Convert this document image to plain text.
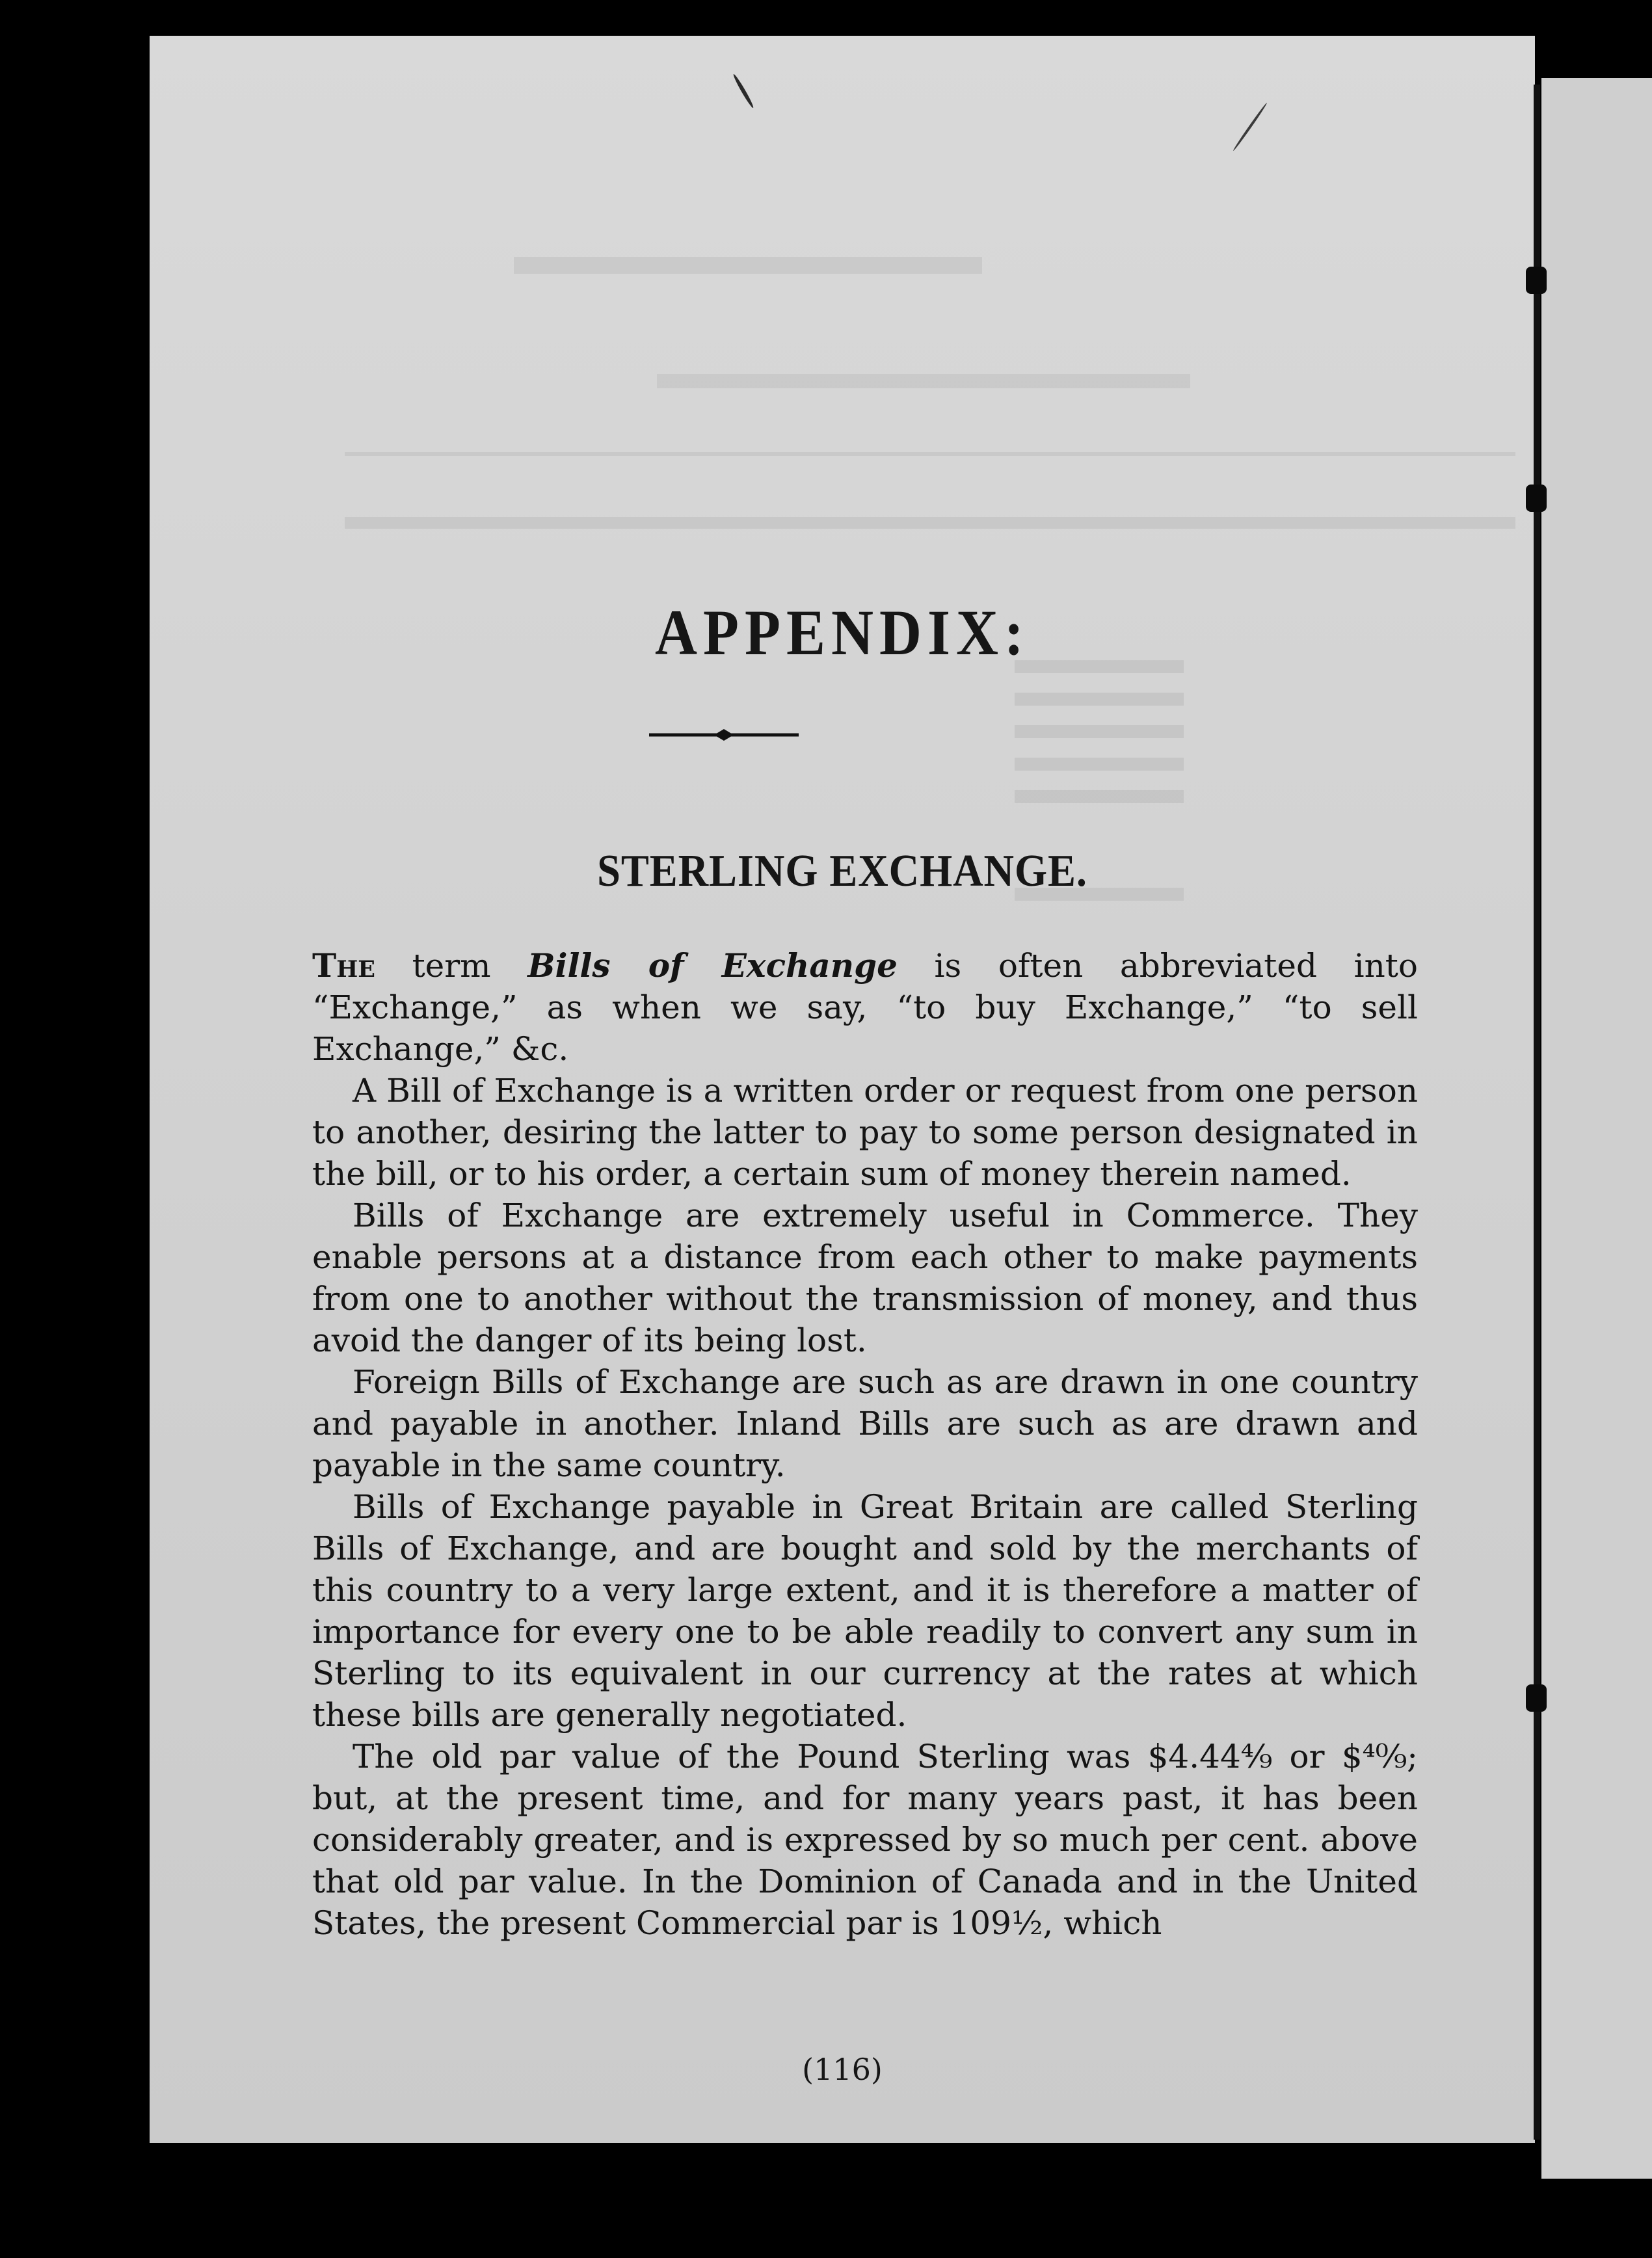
APPENDIX:
STERLING EXCHANGE.

The term Bills of Exchange is often abbreviated into “Exchange,” as when we say, “to buy Exchange,” “to sell Exchange,” &c.

A Bill of Exchange is a written order or request from one person to another, desiring the latter to pay to some person designated in the bill, or to his order, a certain sum of money therein named.

Bills of Exchange are extremely useful in Commerce. They enable persons at a distance from each other to make payments from one to another without the transmission of money, and thus avoid the danger of its being lost.

Foreign Bills of Exchange are such as are drawn in one country and payable in another. Inland Bills are such as are drawn and payable in the same country.

Bills of Exchange payable in Great Britain are called Sterling Bills of Exchange, and are bought and sold by the merchants of this country to a very large extent, and it is therefore a matter of importance for every one to be able readily to convert any sum in Sterling to its equivalent in our currency at the rates at which these bills are generally negotiated.

The old par value of the Pound Sterling was $4.44⁴⁄₉ or $⁴⁰⁄₉; but, at the present time, and for many years past, it has been considerably greater, and is expressed by so much per cent. above that old par value. In the Dominion of Canada and in the United States, the present Commercial par is 109½, which

(116)
